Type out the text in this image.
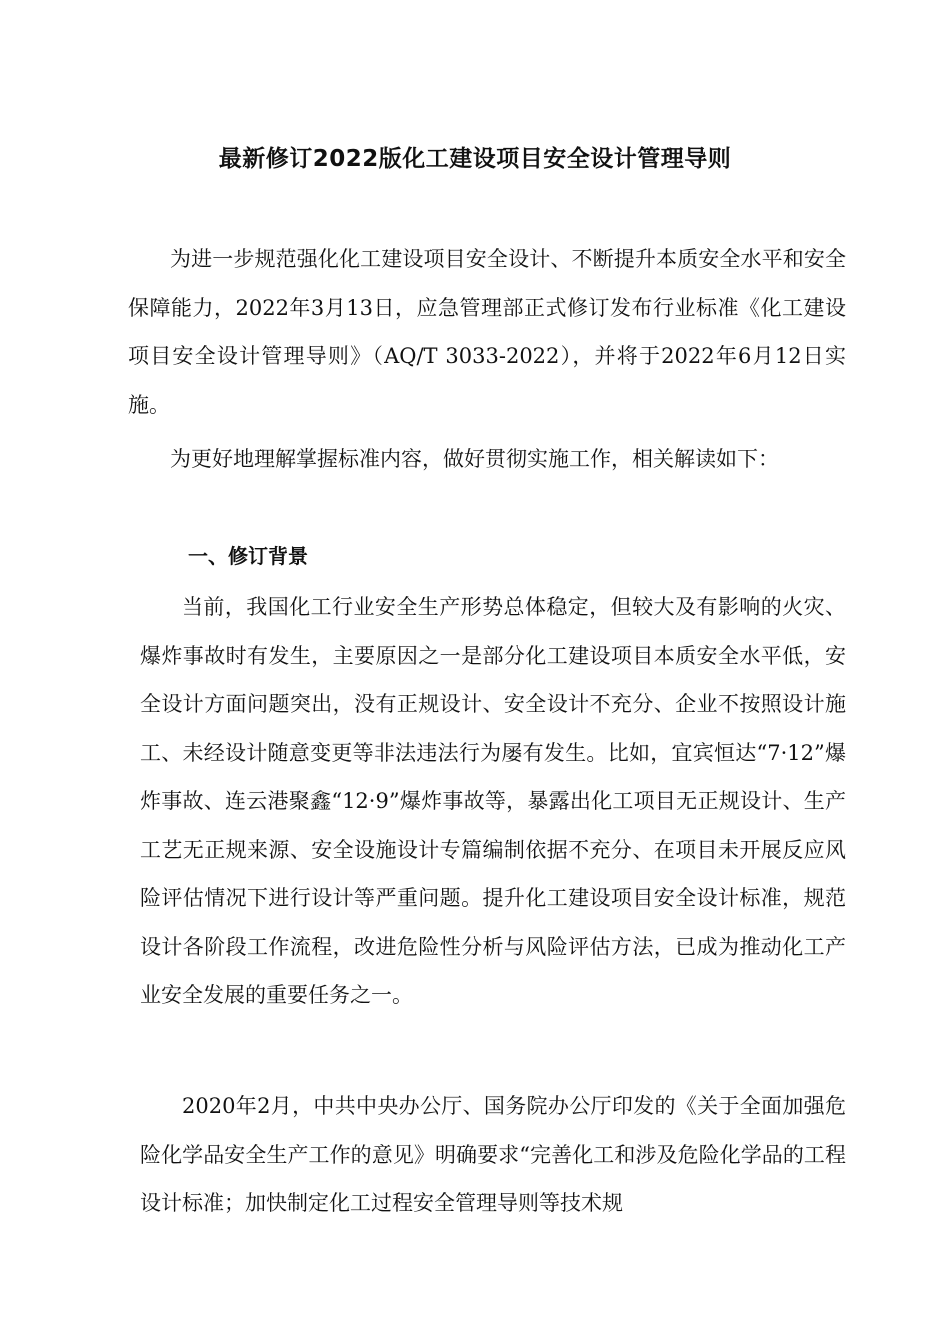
最新修订2022版化工建设项目安全设计管理导则

为进一步规范强化化工建设项目安全设计、不断提升本质安全水平和安全保障能力，2022年3月13日，应急管理部正式修订发布行业标准《化工建设项目安全设计管理导则》（AQ/T 3033-2022），并将于2022年6月12日实施。

为更好地理解掌握标准内容，做好贯彻实施工作，相关解读如下：

一、修订背景

当前，我国化工行业安全生产形势总体稳定，但较大及有影响的火灾、爆炸事故时有发生，主要原因之一是部分化工建设项目本质安全水平低，安全设计方面问题突出，没有正规设计、安全设计不充分、企业不按照设计施工、未经设计随意变更等非法违法行为屡有发生。比如，宜宾恒达“7·12”爆炸事故、连云港聚鑫“12·9”爆炸事故等，暴露出化工项目无正规设计、生产工艺无正规来源、安全设施设计专篇编制依据不充分、在项目未开展反应风险评估情况下进行设计等严重问题。提升化工建设项目安全设计标准，规范设计各阶段工作流程，改进危险性分析与风险评估方法，已成为推动化工产业安全发展的重要任务之一。

2020年2月，中共中央办公厅、国务院办公厅印发的《关于全面加强危险化学品安全生产工作的意见》明确要求“完善化工和涉及危险化学品的工程设计标准；加快制定化工过程安全管理导则等技术规
